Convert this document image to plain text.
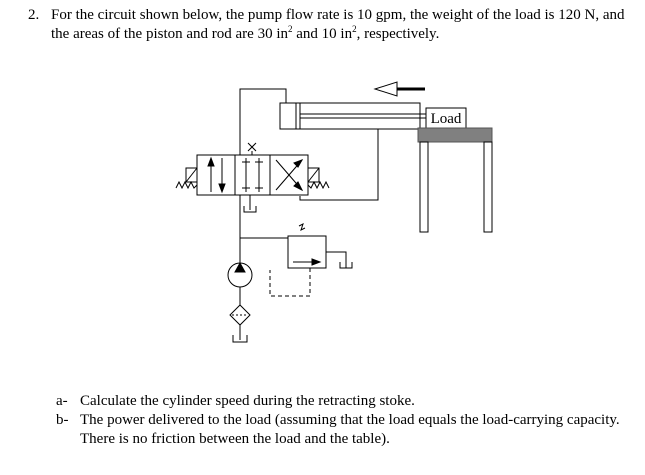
2. For the circuit shown below, the pump flow rate is 10 gpm, the weight of the load is 120 N, and the areas of the piston and rod are 30 $in^2$ and 10 $in^2$, respectively.
Load
a- Calculate the cylinder speed during the retracting stoke.
b- The power delivered to the load (assuming that the load equals the load-carrying capacity. There is no friction between the load and the table).
